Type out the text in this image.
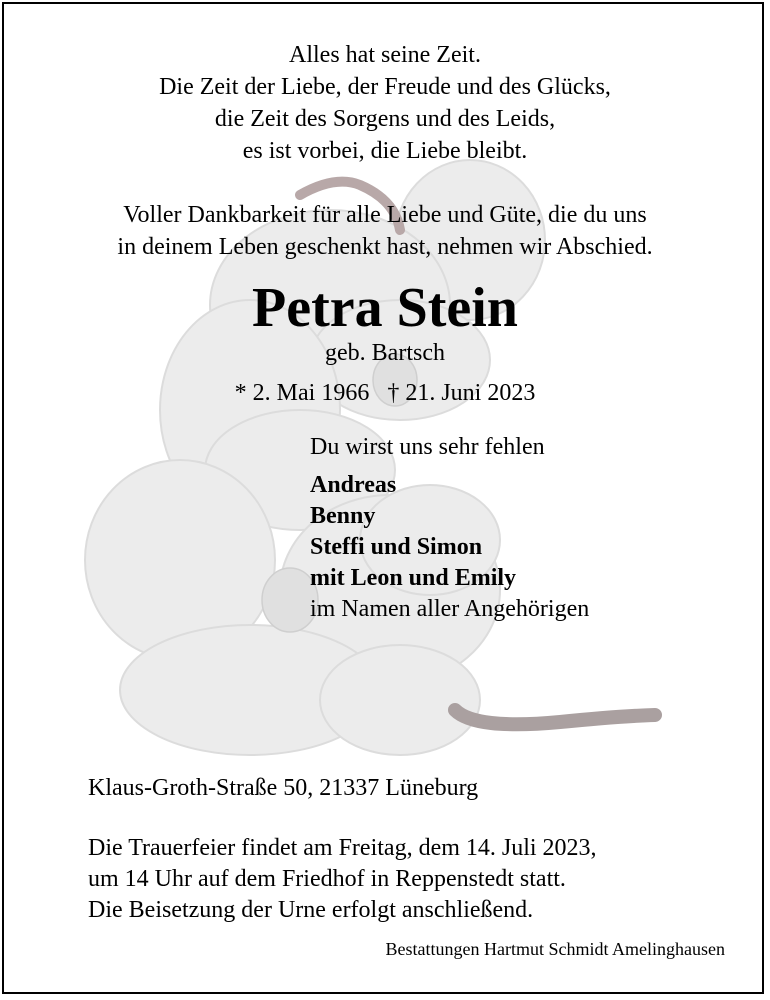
Alles hat seine Zeit.
Die Zeit der Liebe, der Freude und des Glücks,
die Zeit des Sorgens und des Leids,
es ist vorbei, die Liebe bleibt.
Voller Dankbarkeit für alle Liebe und Güte, die du uns
in deinem Leben geschenkt hast, nehmen wir Abschied.
Petra Stein
geb. Bartsch
* 2. Mai 1966   † 21. Juni 2023
Du wirst uns sehr fehlen
Andreas
Benny
Steffi und Simon
mit Leon und Emily
im Namen aller Angehörigen
Klaus-Groth-Straße 50, 21337 Lüneburg
Die Trauerfeier findet am Freitag, dem 14. Juli 2023,
um 14 Uhr auf dem Friedhof in Reppenstedt statt.
Die Beisetzung der Urne erfolgt anschließend.
Bestattungen Hartmut Schmidt Amelinghausen
